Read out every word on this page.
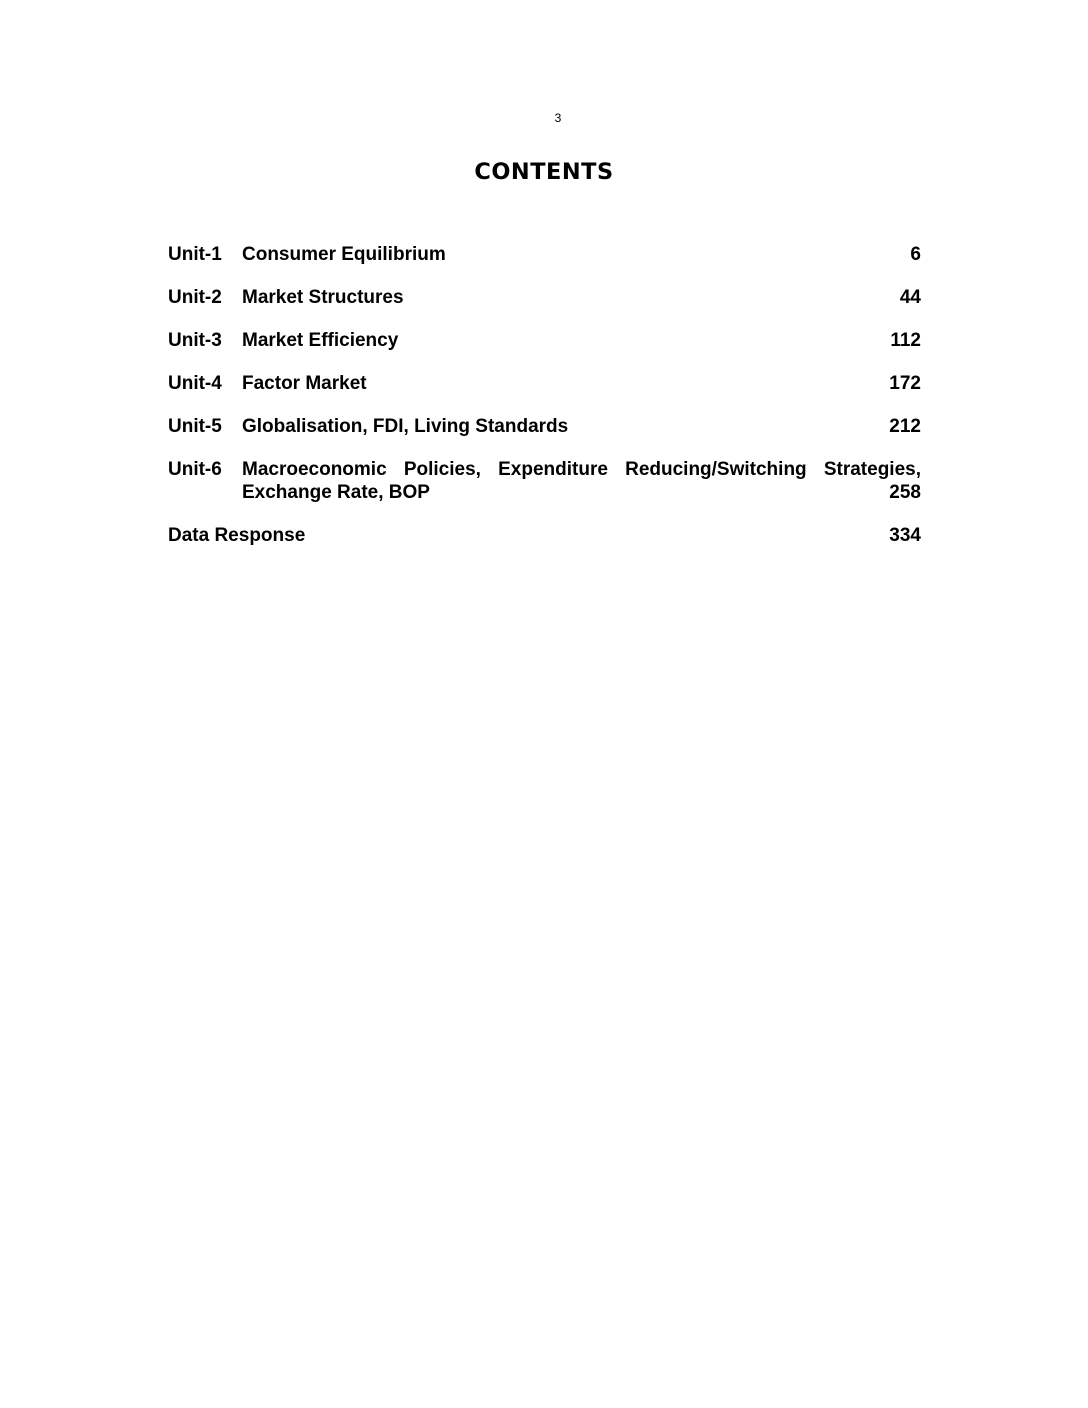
3
CONTENTS
Unit-1	Consumer Equilibrium	6
Unit-2	Market Structures	44
Unit-3	Market Efficiency	112
Unit-4	Factor Market	172
Unit-5	Globalisation, FDI, Living Standards	212
Unit-6	Macroeconomic Policies, Expenditure Reducing/Switching Strategies,
Exchange Rate, BOP	258
Data Response	334
